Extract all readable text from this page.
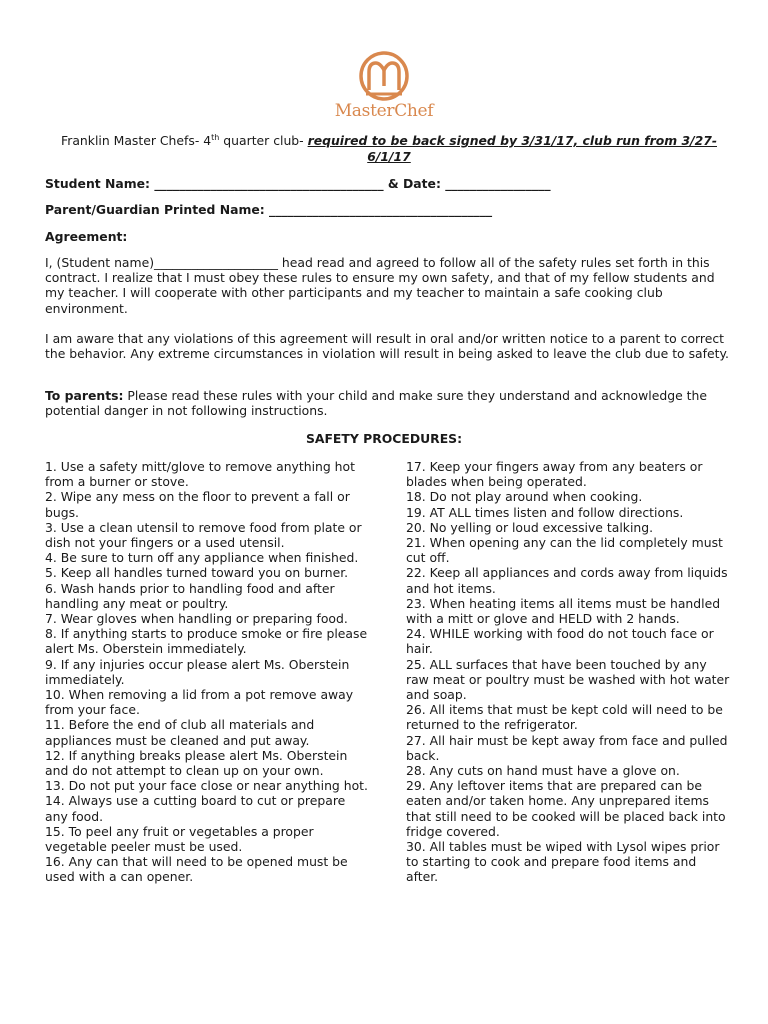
MasterChef
Franklin Master Chefs- 4th quarter club- required to be back signed by 3/31/17, club run from 3/27-6/1/17
Student Name: _____________________________________ & Date: _________________
Parent/Guardian Printed Name: ____________________________________
Agreement:

I, (Student name)____________________ head read and agreed to follow all of the safety rules set forth in this contract. I realize that I must obey these rules to ensure my own safety, and that of my fellow students and my teacher. I will cooperate with other participants and my teacher to maintain a safe cooking club environment.

I am aware that any violations of this agreement will result in oral and/or written notice to a parent to correct the behavior. Any extreme circumstances in violation will result in being asked to leave the club due to safety.

To parents: Please read these rules with your child and make sure they understand and acknowledge the potential danger in not following instructions.

SAFETY PROCEDURES:
1. Use a safety mitt/glove to remove anything hot from a burner or stove.
2. Wipe any mess on the floor to prevent a fall or bugs.
3. Use a clean utensil to remove food from plate or dish not your fingers or a used utensil.
4. Be sure to turn off any appliance when finished.
5. Keep all handles turned toward you on burner.
6. Wash hands prior to handling food and after handling any meat or poultry.
7. Wear gloves when handling or preparing food.
8. If anything starts to produce smoke or fire please alert Ms. Oberstein immediately.
9. If any injuries occur please alert Ms. Oberstein immediately.
10. When removing a lid from a pot remove away from your face.
11. Before the end of club all materials and appliances must be cleaned and put away.
12. If anything breaks please alert Ms. Oberstein and do not attempt to clean up on your own.
13. Do not put your face close or near anything hot.
14. Always use a cutting board to cut or prepare any food.
15. To peel any fruit or vegetables a proper vegetable peeler must be used.
16. Any can that will need to be opened must be used with a can opener.
17. Keep your fingers away from any beaters or blades when being operated.
18. Do not play around when cooking.
19. AT ALL times listen and follow directions.
20. No yelling or loud excessive talking.
21. When opening any can the lid completely must cut off.
22. Keep all appliances and cords away from liquids and hot items.
23. When heating items all items must be handled with a mitt or glove and HELD with 2 hands.
24. WHILE working with food do not touch face or hair.
25. ALL surfaces that have been touched by any raw meat or poultry must be washed with hot water and soap.
26. All items that must be kept cold will need to be returned to the refrigerator.
27. All hair must be kept away from face and pulled back.
28. Any cuts on hand must have a glove on.
29. Any leftover items that are prepared can be eaten and/or taken home. Any unprepared items that still need to be cooked will be placed back into fridge covered.
30. All tables must be wiped with Lysol wipes prior to starting to cook and prepare food items and after.
